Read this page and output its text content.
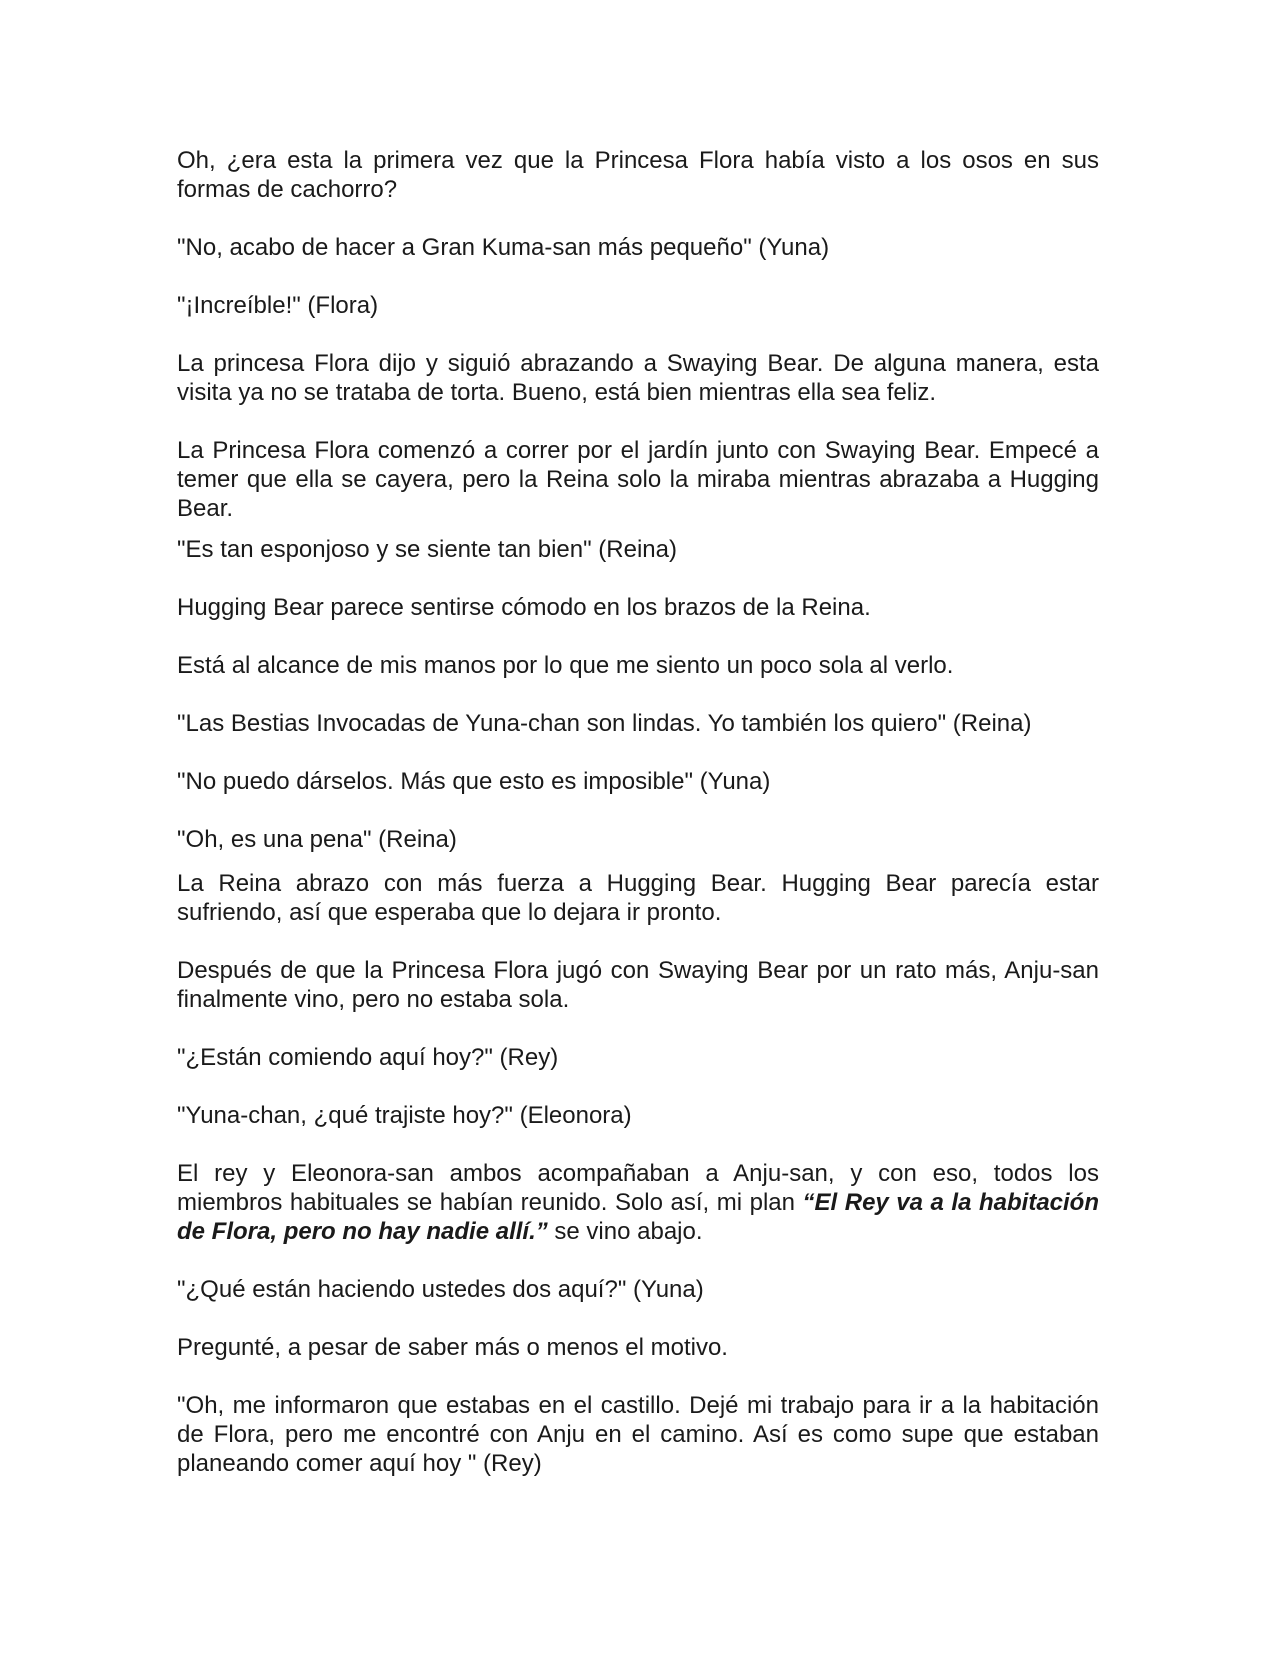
Oh, ¿era esta la primera vez que la Princesa Flora había visto a los osos en sus formas de cachorro?

"No, acabo de hacer a Gran Kuma-san más pequeño" (Yuna)

"¡Increíble!" (Flora)

La princesa Flora dijo y siguió abrazando a Swaying Bear. De alguna manera, esta visita ya no se trataba de torta. Bueno, está bien mientras ella sea feliz.

La Princesa Flora comenzó a correr por el jardín junto con Swaying Bear. Empecé a temer que ella se cayera, pero la Reina solo la miraba mientras abrazaba a Hugging Bear.

"Es tan esponjoso y se siente tan bien" (Reina)

Hugging Bear parece sentirse cómodo en los brazos de la Reina.

Está al alcance de mis manos por lo que me siento un poco sola al verlo.

"Las Bestias Invocadas de Yuna-chan son lindas. Yo también los quiero" (Reina)

"No puedo dárselos. Más que esto es imposible" (Yuna)

"Oh, es una pena" (Reina)

La Reina abrazo con más fuerza a Hugging Bear. Hugging Bear parecía estar sufriendo, así que esperaba que lo dejara ir pronto.

Después de que la Princesa Flora jugó con Swaying Bear por un rato más, Anju-san finalmente vino, pero no estaba sola.

"¿Están comiendo aquí hoy?" (Rey)

"Yuna-chan, ¿qué trajiste hoy?" (Eleonora)

El rey y Eleonora-san ambos acompañaban a Anju-san, y con eso, todos los miembros habituales se habían reunido. Solo así, mi plan “El Rey va a la habitación de Flora, pero no hay nadie allí.” se vino abajo.

"¿Qué están haciendo ustedes dos aquí?" (Yuna)

Pregunté, a pesar de saber más o menos el motivo.

"Oh, me informaron que estabas en el castillo. Dejé mi trabajo para ir a la habitación de Flora, pero me encontré con Anju en el camino. Así es como supe que estaban planeando comer aquí hoy " (Rey)
